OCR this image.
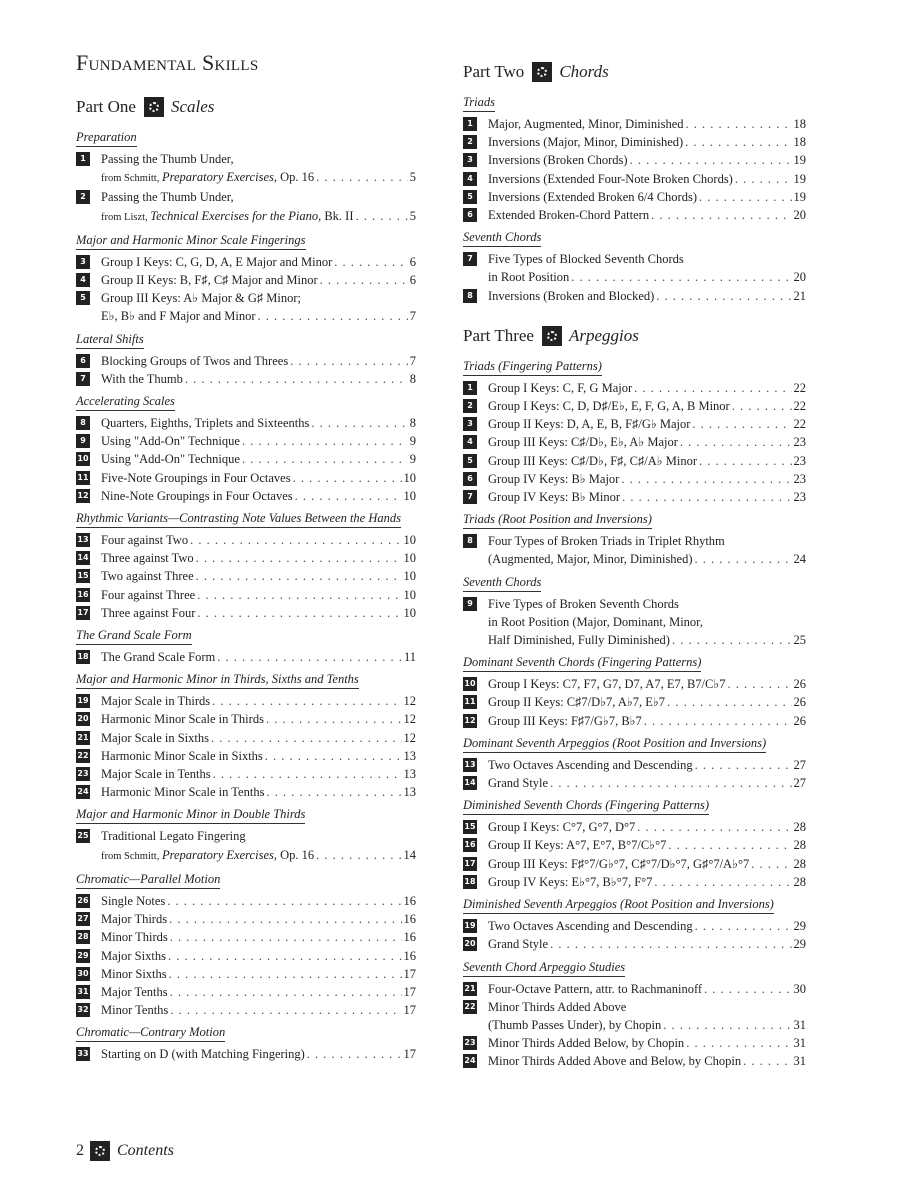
Fundamental Skills
Part One Scales
Preparation

1	Passing the Thumb Under,
from Schmitt, Preparatory Exercises, Op. 16 . . .	5
2	Passing the Thumb Under,
from Liszt, Technical Exercises for the Piano, Bk. II . . .	5
Major and Harmonic Minor Scale Fingerings

3	Group I Keys: C, G, D, A, E Major and Minor . . .	6
4	Group II Keys: B, F♯, C♯ Major and Minor . . .	6
5	Group III Keys: A♭ Major & G♯ Minor;
E♭, B♭ and F Major and Minor . . .	7
Lateral Shifts

6	Blocking Groups of Twos and Threes . . .	7
7	With the Thumb . . .	8
Accelerating Scales

8	Quarters, Eighths, Triplets and Sixteenths . . .	8
9	Using "Add-On" Technique . . .	9
10 Using "Add-On" Technique . . .	9
11 Five-Note Groupings in Four Octaves . . .	10
12 Nine-Note Groupings in Four Octaves . . .	10
Rhythmic Variants—Contrasting Note Values Between the Hands

13 Four against Two . . .	10
14 Three against Two . . .	10
15 Two against Three . . .	10
16 Four against Three . . .	10
17 Three against Four . . .	10
The Grand Scale Form

18 The Grand Scale Form . . .	11
Major and Harmonic Minor in Thirds, Sixths and Tenths

19 Major Scale in Thirds . . .	12
20 Harmonic Minor Scale in Thirds . . .	12
21 Major Scale in Sixths . . .	12
22 Harmonic Minor Scale in Sixths . . .	13
23 Major Scale in Tenths . . .	13
24 Harmonic Minor Scale in Tenths . . .	13
Major and Harmonic Minor in Double Thirds

25 Traditional Legato Fingering
from Schmitt, Preparatory Exercises, Op. 16 . . .	14
Chromatic—Parallel Motion

26 Single Notes . . .	16
27 Major Thirds . . .	16
28 Minor Thirds . . .	16
29 Major Sixths . . .	16
30 Minor Sixths . . .	17
31 Major Tenths . . .	17
32 Minor Tenths . . .	17
Chromatic—Contrary Motion

33 Starting on D (with Matching Fingering) . . .	17
Part Two Chords
Triads

1	Major, Augmented, Minor, Diminished . . .	18
2	Inversions (Major, Minor, Diminished) . . .	18
3	Inversions (Broken Chords) . . .	19
4	Inversions (Extended Four-Note Broken Chords) . . .	19
5	Inversions (Extended Broken 6/4 Chords) . . .	19
6	Extended Broken-Chord Pattern . . .	20
Seventh Chords

7	Five Types of Blocked Seventh Chords
in Root Position . . .	20
8	Inversions (Broken and Blocked) . . .	21
Part Three Arpeggios
Triads (Fingering Patterns)

1	Group I Keys: C, F, G Major . . .	22
2	Group I Keys: C, D, D♯/E♭, E, F, G, A, B Minor . . .	22
3	Group II Keys: D, A, E, B, F♯/G♭ Major . . .	22
4	Group III Keys: C♯/D♭, E♭, A♭ Major . . .	23
5	Group III Keys: C♯/D♭, F♯, C♯/A♭ Minor . . .	23
6	Group IV Keys: B♭ Major . . .	23
7	Group IV Keys: B♭ Minor . . .	23
Triads (Root Position and Inversions)

8	Four Types of Broken Triads in Triplet Rhythm
(Augmented, Major, Minor, Diminished) . . .	24
Seventh Chords

9	Five Types of Broken Seventh Chords
in Root Position (Major, Dominant, Minor,
Half Diminished, Fully Diminished) . . .	25
Dominant Seventh Chords (Fingering Patterns)

10 Group I Keys: C7, F7, G7, D7, A7, E7, B7/C♭7 . . .	26
11 Group II Keys: C♯7/D♭7, A♭7, E♭7 . . .	26
12 Group III Keys: F♯7/G♭7, B♭7 . . .	26
Dominant Seventh Arpeggios (Root Position and Inversions)

13 Two Octaves Ascending and Descending . . .	27
14 Grand Style . . .	27
Diminished Seventh Chords (Fingering Patterns)

15 Group I Keys: C°7, G°7, D°7 . . .	28
16 Group II Keys: A°7, E°7, B°7/C♭°7 . . .	28
17 Group III Keys: F♯°7/G♭°7, C♯°7/D♭°7, G♯°7/A♭°7 . . .	28
18 Group IV Keys: E♭°7, B♭°7, F°7 . . .	28
Diminished Seventh Arpeggios (Root Position and Inversions)

19 Two Octaves Ascending and Descending . . .	29
20 Grand Style . . .	29
Seventh Chord Arpeggio Studies

21 Four-Octave Pattern, attr. to Rachmaninoff . . .	30
22 Minor Thirds Added Above
(Thumb Passes Under), by Chopin . . .	31
23 Minor Thirds Added Below, by Chopin . . .	31
24 Minor Thirds Added Above and Below, by Chopin . . .	31
2 Contents
